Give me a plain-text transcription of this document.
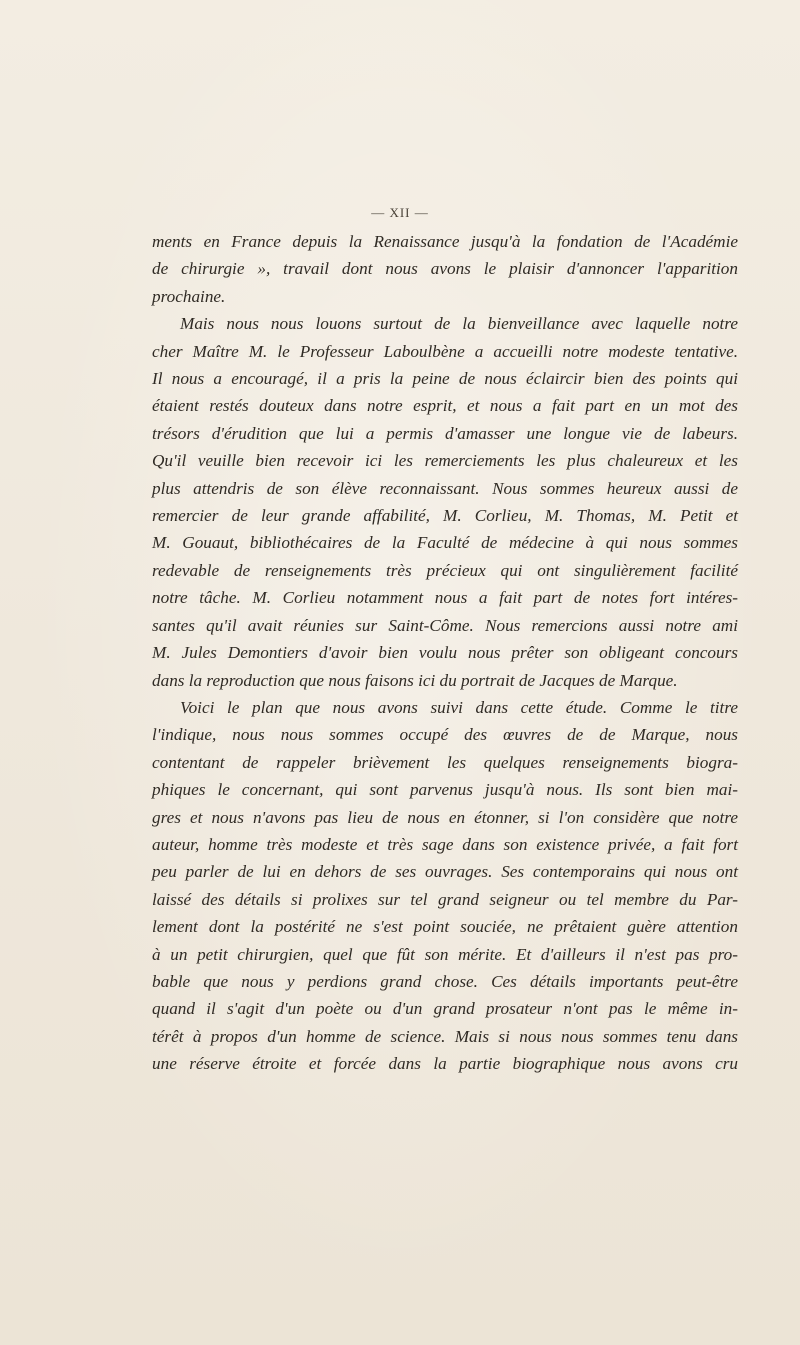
— XII —

ments en France depuis la Renaissance jusqu'à la fondation de l'Académie

de chirurgie », travail dont nous avons le plaisir d'annoncer l'apparition

prochaine.

Mais nous nous louons surtout de la bienveillance avec laquelle notre

cher Maître M. le Professeur Laboulbène a accueilli notre modeste tentative.

Il nous a encouragé, il a pris la peine de nous éclaircir bien des points qui

étaient restés douteux dans notre esprit, et nous a fait part en un mot des

trésors d'érudition que lui a permis d'amasser une longue vie de labeurs.

Qu'il veuille bien recevoir ici les remerciements les plus chaleureux et les

plus attendris de son élève reconnaissant. Nous sommes heureux aussi de

remercier de leur grande affabilité, M. Corlieu, M. Thomas, M. Petit et

M. Gouaut, bibliothécaires de la Faculté de médecine à qui nous sommes

redevable de renseignements très précieux qui ont singulièrement facilité

notre tâche. M. Corlieu notamment nous a fait part de notes fort intéres-

santes qu'il avait réunies sur Saint-Côme. Nous remercions aussi notre ami

M. Jules Demontiers d'avoir bien voulu nous prêter son obligeant concours

dans la reproduction que nous faisons ici du portrait de Jacques de Marque.

Voici le plan que nous avons suivi dans cette étude. Comme le titre

l'indique, nous nous sommes occupé des œuvres de de Marque, nous

contentant de rappeler brièvement les quelques renseignements biogra-

phiques le concernant, qui sont parvenus jusqu'à nous. Ils sont bien mai-

gres et nous n'avons pas lieu de nous en étonner, si l'on considère que notre

auteur, homme très modeste et très sage dans son existence privée, a fait fort

peu parler de lui en dehors de ses ouvrages. Ses contemporains qui nous ont

laissé des détails si prolixes sur tel grand seigneur ou tel membre du Par-

lement dont la postérité ne s'est point souciée, ne prêtaient guère attention

à un petit chirurgien, quel que fût son mérite. Et d'ailleurs il n'est pas pro-

bable que nous y perdions grand chose. Ces détails importants peut-être

quand il s'agit d'un poète ou d'un grand prosateur n'ont pas le même in-

térêt à propos d'un homme de science. Mais si nous nous sommes tenu dans

une réserve étroite et forcée dans la partie biographique nous avons cru
